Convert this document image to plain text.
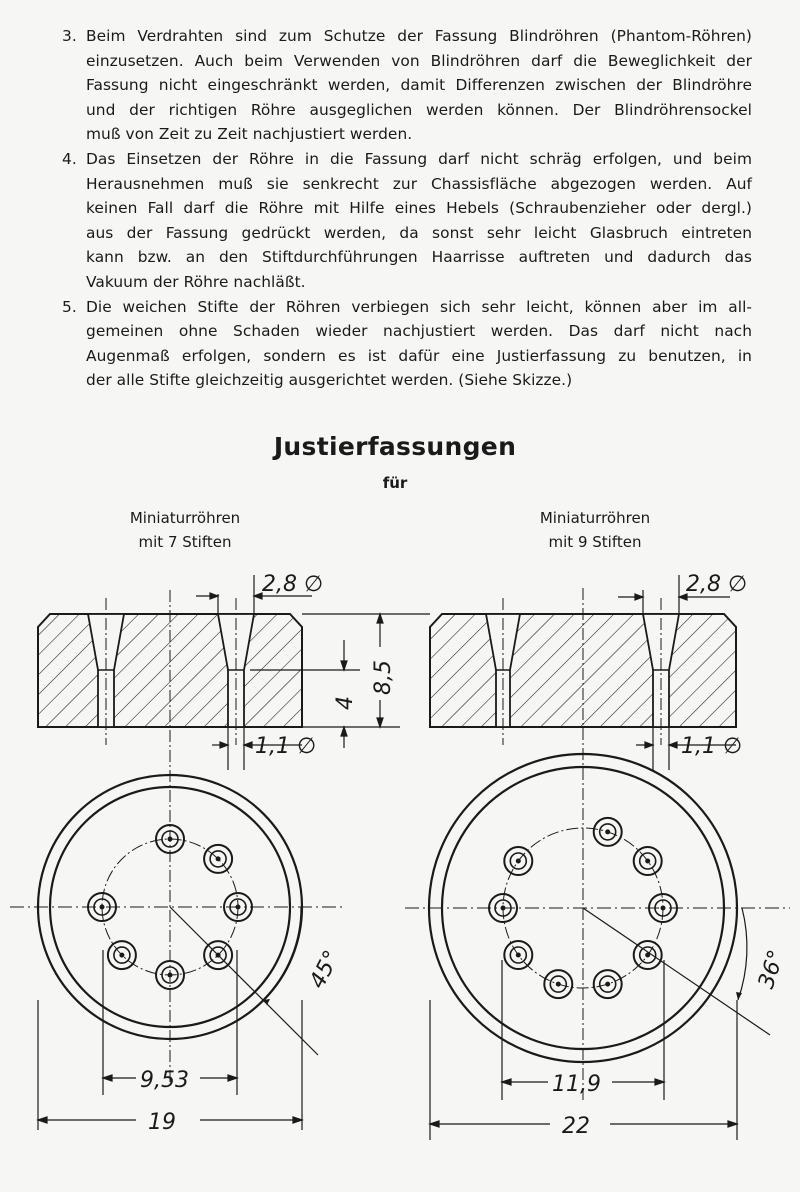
3. Beim Verdrahten sind zum Schutze der Fassung Blindröhren (Phantom-Röhren)
einzusetzen. Auch beim Verwenden von Blindröhren darf die Beweglichkeit der
Fassung nicht eingeschränkt werden, damit Differenzen zwischen der Blindröhre
und der richtigen Röhre ausgeglichen werden können. Der Blindröhrensockel
muß von Zeit zu Zeit nachjustiert werden.
4. Das Einsetzen der Röhre in die Fassung darf nicht schräg erfolgen, und beim
Herausnehmen muß sie senkrecht zur Chassisfläche abgezogen werden. Auf
keinen Fall darf die Röhre mit Hilfe eines Hebels (Schraubenzieher oder dergl.)
aus der Fassung gedrückt werden, da sonst sehr leicht Glasbruch eintreten
kann bzw. an den Stiftdurchführungen Haarrisse auftreten und dadurch das
Vakuum der Röhre nachläßt.
5. Die weichen Stifte der Röhren verbiegen sich sehr leicht, können aber im all-
gemeinen ohne Schaden wieder nachjustiert werden. Das darf nicht nach
Augenmaß erfolgen, sondern es ist dafür eine Justierfassung zu benutzen, in
der alle Stifte gleichzeitig ausgerichtet werden. (Siehe Skizze.)
Justierfassungen
für
Miniaturröhren
mit 7 Stiften
Miniaturröhren
mit 9 Stiften
2,8 ∅
1,1 ∅
4
8,5
2,8 ∅
1,1 ∅
45°
9,53
19
36°
11,9
22
